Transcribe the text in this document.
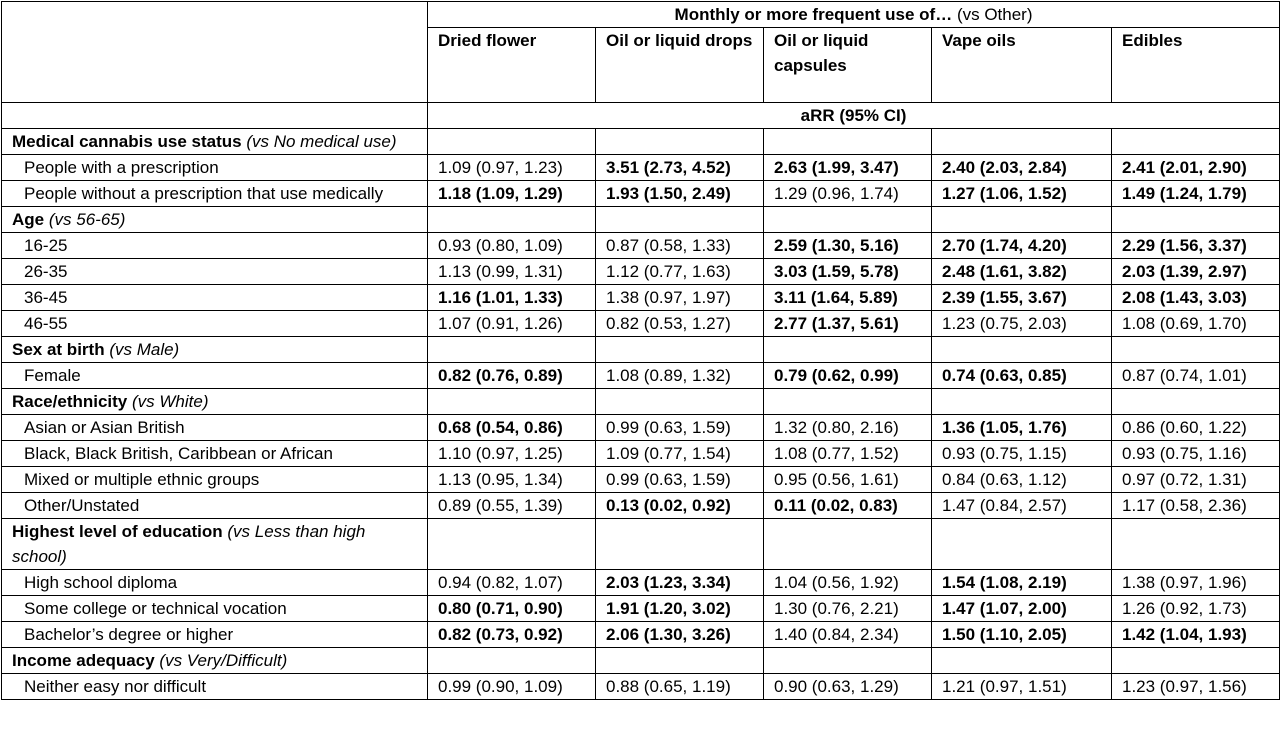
	Monthly or more frequent use of… (vs Other)				
	Dried flower	Oil or liquid drops	Oil or liquid capsules	Vape oils	Edibles
	aRR (95% CI)				
Medical cannabis use status (vs No medical use)					
People with a prescription	1.09 (0.97, 1.23)	3.51 (2.73, 4.52)	2.63 (1.99, 3.47)	2.40 (2.03, 2.84)	2.41 (2.01, 2.90)
People without a prescription that use medically	1.18 (1.09, 1.29)	1.93 (1.50, 2.49)	1.29 (0.96, 1.74)	1.27 (1.06, 1.52)	1.49 (1.24, 1.79)
Age (vs 56-65)					
16-25	0.93 (0.80, 1.09)	0.87 (0.58, 1.33)	2.59 (1.30, 5.16)	2.70 (1.74, 4.20)	2.29 (1.56, 3.37)
26-35	1.13 (0.99, 1.31)	1.12 (0.77, 1.63)	3.03 (1.59, 5.78)	2.48 (1.61, 3.82)	2.03 (1.39, 2.97)
36-45	1.16 (1.01, 1.33)	1.38 (0.97, 1.97)	3.11 (1.64, 5.89)	2.39 (1.55, 3.67)	2.08 (1.43, 3.03)
46-55	1.07 (0.91, 1.26)	0.82 (0.53, 1.27)	2.77 (1.37, 5.61)	1.23 (0.75, 2.03)	1.08 (0.69, 1.70)
Sex at birth (vs Male)					
Female	0.82 (0.76, 0.89)	1.08 (0.89, 1.32)	0.79 (0.62, 0.99)	0.74 (0.63, 0.85)	0.87 (0.74, 1.01)
Race/ethnicity (vs White)					
Asian or Asian British	0.68 (0.54, 0.86)	0.99 (0.63, 1.59)	1.32 (0.80, 2.16)	1.36 (1.05, 1.76)	0.86 (0.60, 1.22)
Black, Black British, Caribbean or African	1.10 (0.97, 1.25)	1.09 (0.77, 1.54)	1.08 (0.77, 1.52)	0.93 (0.75, 1.15)	0.93 (0.75, 1.16)
Mixed or multiple ethnic groups	1.13 (0.95, 1.34)	0.99 (0.63, 1.59)	0.95 (0.56, 1.61)	0.84 (0.63, 1.12)	0.97 (0.72, 1.31)
Other/Unstated	0.89 (0.55, 1.39)	0.13 (0.02, 0.92)	0.11 (0.02, 0.83)	1.47 (0.84, 2.57)	1.17 (0.58, 2.36)
Highest level of education (vs Less than high school)					
High school diploma	0.94 (0.82, 1.07)	2.03 (1.23, 3.34)	1.04 (0.56, 1.92)	1.54 (1.08, 2.19)	1.38 (0.97, 1.96)
Some college or technical vocation	0.80 (0.71, 0.90)	1.91 (1.20, 3.02)	1.30 (0.76, 2.21)	1.47 (1.07, 2.00)	1.26 (0.92, 1.73)
Bachelor’s degree or higher	0.82 (0.73, 0.92)	2.06 (1.30, 3.26)	1.40 (0.84, 2.34)	1.50 (1.10, 2.05)	1.42 (1.04, 1.93)
Income adequacy (vs Very/Difficult)					
Neither easy nor difficult	0.99 (0.90, 1.09)	0.88 (0.65, 1.19)	0.90 (0.63, 1.29)	1.21 (0.97, 1.51)	1.23 (0.97, 1.56)
